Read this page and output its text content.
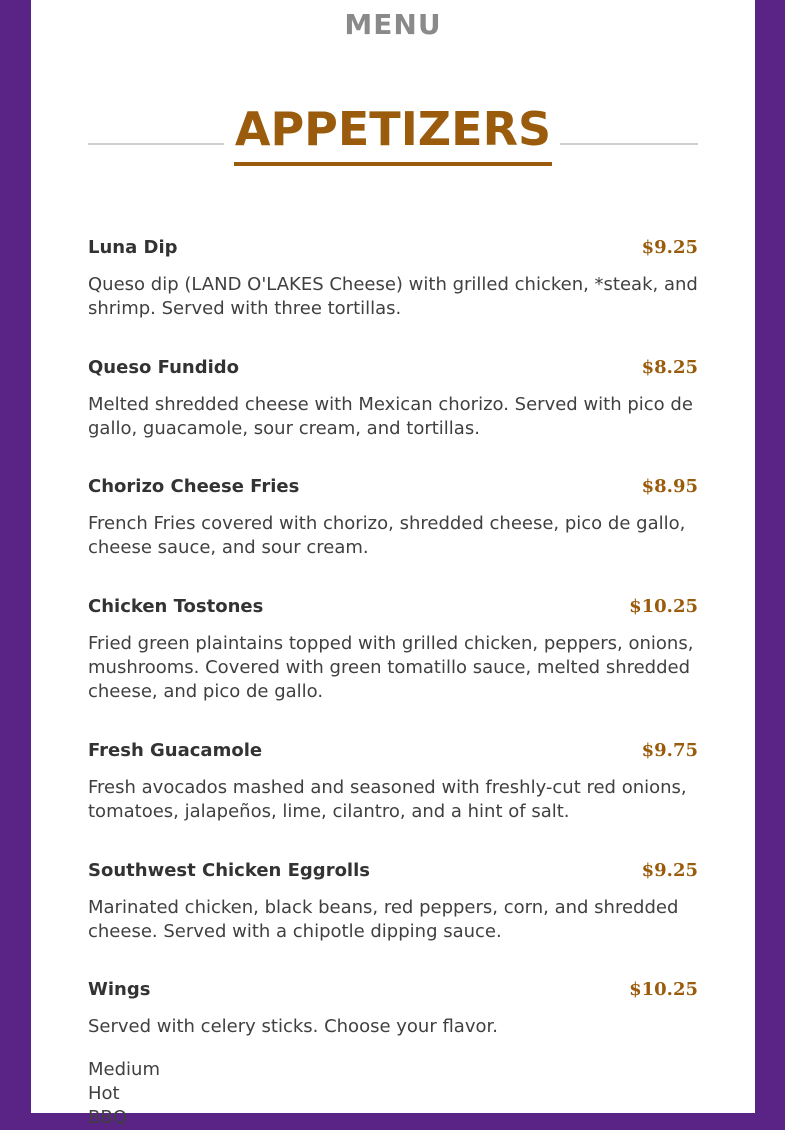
MENU
APPETIZERS
Luna Dip	$9.25
Queso dip (LAND O'LAKES Cheese) with grilled chicken, *steak, and shrimp. Served with three tortillas.
Queso Fundido	$8.25
Melted shredded cheese with Mexican chorizo. Served with pico de gallo, guacamole, sour cream, and tortillas.
Chorizo Cheese Fries	$8.95
French Fries covered with chorizo, shredded cheese, pico de gallo, cheese sauce, and sour cream.
Chicken Tostones	$10.25
Fried green plaintains topped with grilled chicken, peppers, onions, mushrooms. Covered with green tomatillo sauce, melted shredded cheese, and pico de gallo.
Fresh Guacamole	$9.75
Fresh avocados mashed and seasoned with freshly-cut red onions, tomatoes, jalapeños, lime, cilantro, and a hint of salt.
Southwest Chicken Eggrolls	$9.25
Marinated chicken, black beans, red peppers, corn, and shredded cheese. Served with a chipotle dipping sauce.
Wings	$10.25
Served with celery sticks. Choose your flavor.
Medium
Hot
BBQ
